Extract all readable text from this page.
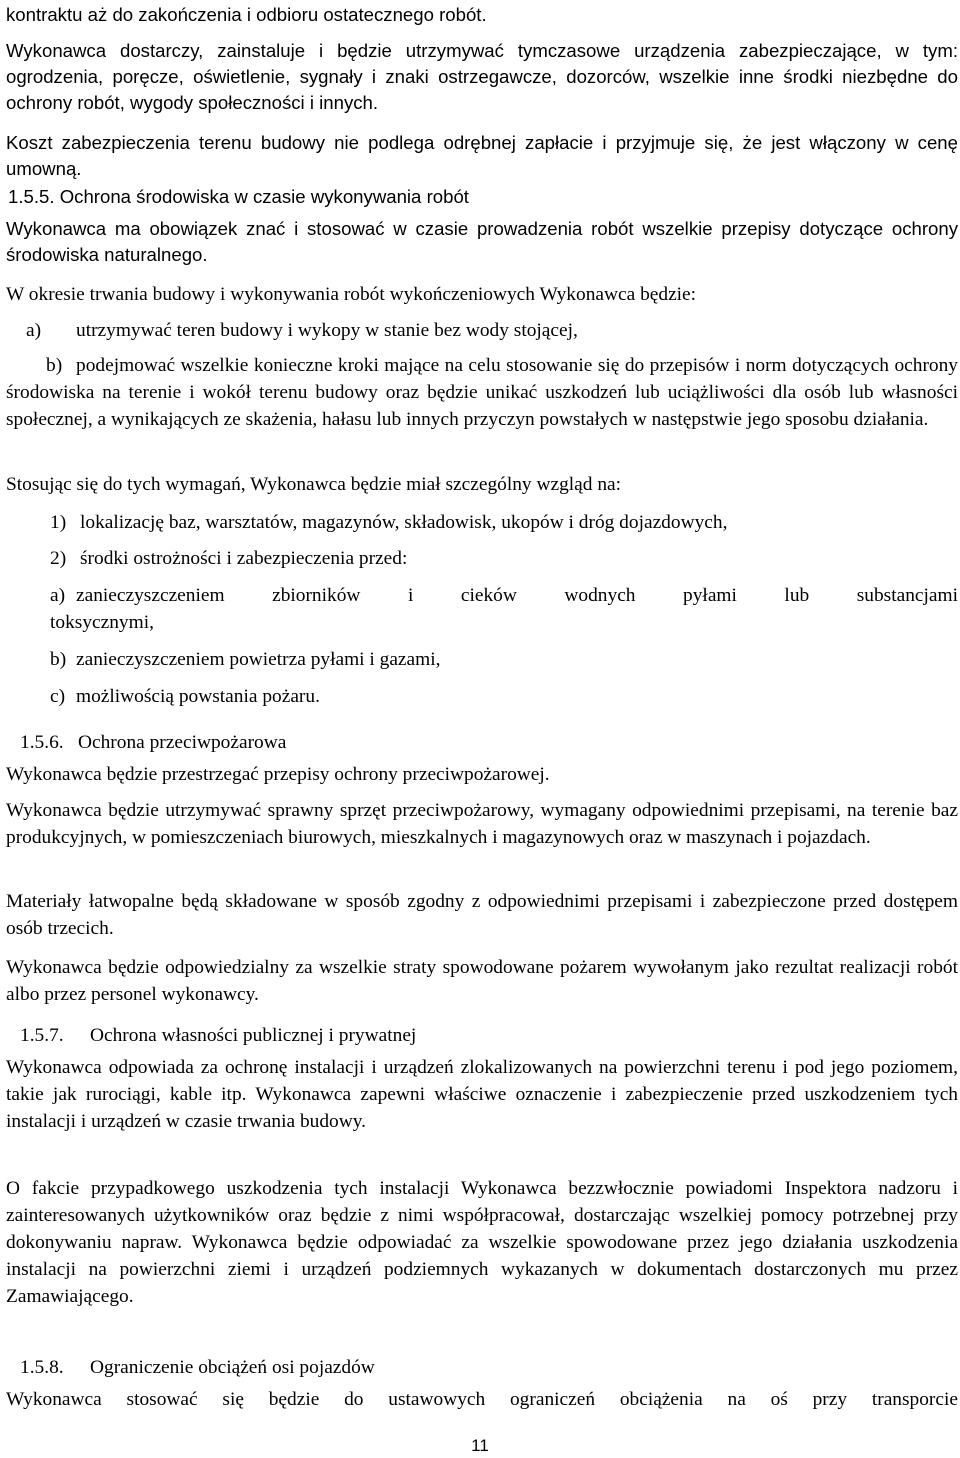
kontraktu aż do zakończenia i odbioru ostatecznego robót.

Wykonawca dostarczy, zainstaluje i będzie utrzymywać tymczasowe urządzenia zabezpieczające, w tym: ogrodzenia, poręcze, oświetlenie, sygnały i znaki ostrzegawcze, dozorców, wszelkie inne środki niezbędne do ochrony robót, wygody społeczności i innych.

Koszt zabezpieczenia terenu budowy nie podlega odrębnej zapłacie i przyjmuje się, że jest włączony w cenę umowną.

1.5.5. Ochrona środowiska w czasie wykonywania robót

Wykonawca ma obowiązek znać i stosować w czasie prowadzenia robót wszelkie przepisy dotyczące ochrony środowiska naturalnego.

W okresie trwania budowy i wykonywania robót wykończeniowych Wykonawca będzie:

a) utrzymywać teren budowy i wykopy w stanie bez wody stojącej,

b) podejmować wszelkie konieczne kroki mające na celu stosowanie się do przepisów i norm dotyczących ochrony środowiska na terenie i wokół terenu budowy oraz będzie unikać uszkodzeń lub uciążliwości dla osób lub własności społecznej, a wynikających ze skażenia, hałasu lub innych przyczyn powstałych w następstwie jego sposobu działania.

Stosując się do tych wymagań, Wykonawca będzie miał szczególny wzgląd na:

1) lokalizację baz, warsztatów, magazynów, składowisk, ukopów i dróg dojazdowych,
2) środki ostrożności i zabezpieczenia przed:
a) zanieczyszczeniem zbiorników i cieków wodnych pyłami lub substancjami
toksycznymi,
b) zanieczyszczeniem powietrza pyłami i gazami,
c) możliwością powstania pożaru.
1.5.6. Ochrona przeciwpożarowa

Wykonawca będzie przestrzegać przepisy ochrony przeciwpożarowej.

Wykonawca będzie utrzymywać sprawny sprzęt przeciwpożarowy, wymagany odpowiednimi przepisami, na terenie baz produkcyjnych, w pomieszczeniach biurowych, mieszkalnych i magazynowych oraz w maszynach i pojazdach.

Materiały łatwopalne będą składowane w sposób zgodny z odpowiednimi przepisami i zabezpieczone przed dostępem osób trzecich.

Wykonawca będzie odpowiedzialny za wszelkie straty spowodowane pożarem wywołanym jako rezultat realizacji robót albo przez personel wykonawcy.

1.5.7. Ochrona własności publicznej i prywatnej

Wykonawca odpowiada za ochronę instalacji i urządzeń zlokalizowanych na powierzchni terenu i pod jego poziomem, takie jak rurociągi, kable itp. Wykonawca zapewni właściwe oznaczenie i zabezpieczenie przed uszkodzeniem tych instalacji i urządzeń w czasie trwania budowy.

O fakcie przypadkowego uszkodzenia tych instalacji Wykonawca bezzwłocznie powiadomi Inspektora nadzoru i zainteresowanych użytkowników oraz będzie z nimi współpracował, dostarczając wszelkiej pomocy potrzebnej przy dokonywaniu napraw. Wykonawca będzie odpowiadać za wszelkie spowodowane przez jego działania uszkodzenia instalacji na powierzchni ziemi i urządzeń podziemnych wykazanych w dokumentach dostarczonych mu przez Zamawiającego.

1.5.8. Ograniczenie obciążeń osi pojazdów

Wykonawca stosować się będzie do ustawowych ograniczeń obciążenia na oś przy transporcie

11
